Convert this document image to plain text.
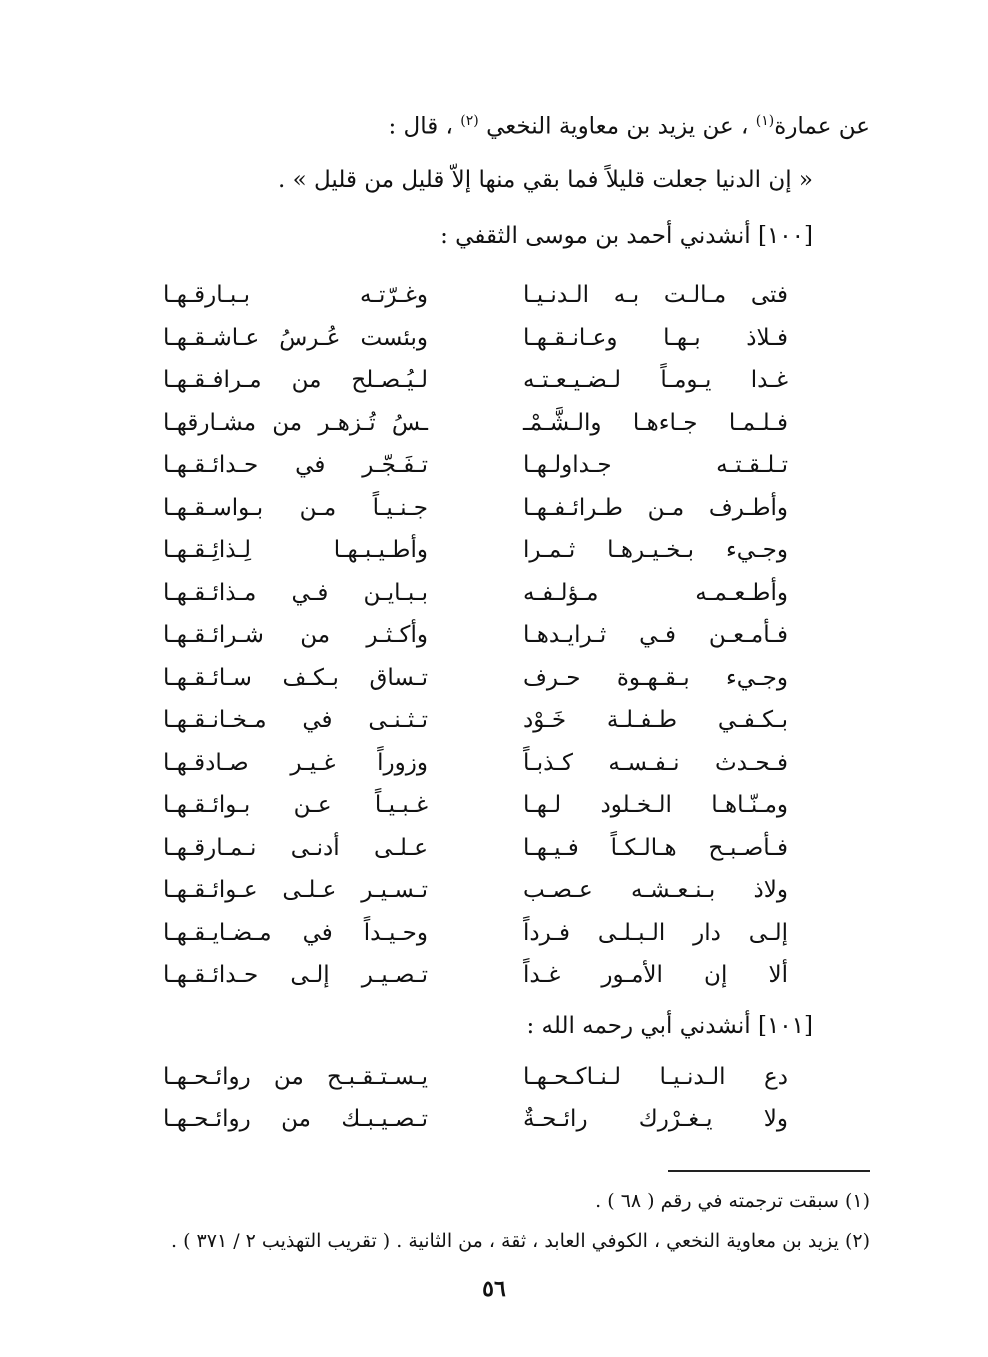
عن عمارة$^{(١)}$ ، عن يزيد بن معاوية النخعي $^{(٢)}$ ، قال :
« إن الدنيا جعلت قليلاً فما بقي منها إلاّ قليل من قليل » .
[١٠٠] أنشدني أحمد بن موسى الثقفي :
فتى مـالـت بـه الـدنـيـا
وغـرّتـه بـبـارقـهـا
فـلاذ بـهـا وعـانـقـهـا
وبئست عُـرسُ عـاشـقـهـا
غـدا يـومـاً لـضـيـعـتـه
لـيُـصـلح من مـرافـقـهـا
فـلـمـا جـاءهـا والـشَّـمْـ
ـسُ تُـزهـر من مشـارقهـا
تـلـقـتـه جـداولـهـا
تـفَـجّـر في حـدائـقـهـا
وأطـرف مـن طـرائـفـهـا
جـنـيـاً مـن بـواسـقـهـا
وجـيء بـخـيـرهـا ثـمـرا
وأطـيـبـهـا لِـذائِـقـهـا
وأطـعـمـه مـؤلـفـه
بـبـايـن فـي مـذائـقـهـا
فـأمـعـن فـي ثـرايـدهـا
وأكـثـر من شـرائـقـهـا
وجـيء بـقـهـوة حـرف
تـساق بـكـف سـائـقـهـا
بـكـفـي طـفـلـة خَـوْد
تـثـنـى في مـخـانـقـهـا
فـحـدث نـفـسـه كـذبـاً
وزوراً غـيـر صـادقـهـا
ومـنّـاهـا الـخـلود لـهـا
غـبـيـاً عـن بـوائـقـهـا
فـأصـبـح هـالـكـاً فـيـهـا
عـلـى أدنـى نـمـارقـهـا
ولاذ بـنـعـشـه عـصـب
تـسـيـر عـلـى عـوائـقـهـا
إلـى دار الـبـلـى فـرداً
وحـيـداً في مـضـايـقـهـا
ألا إن الأمـور غـداً
تـصـيـر إلـى حـدائـقـهـا
[١٠١] أنشدني أبي رحمه الله :
دع الـدنـيـا لـنـاكـحـهـا
يـسـتـقـبـح من روائـحـهـا
ولا يـغـرْرك رائـحـةٌ
تـصـيـبـك من روائـحـهـا
(١) سبقت ترجمته في رقم ( ٦٨ ) .
(٢) يزيد بن معاوية النخعي ، الكوفي العابد ، ثقة ، من الثانية . ( تقريب التهذيب ٢ / ٣٧١ ) .
٥٦
